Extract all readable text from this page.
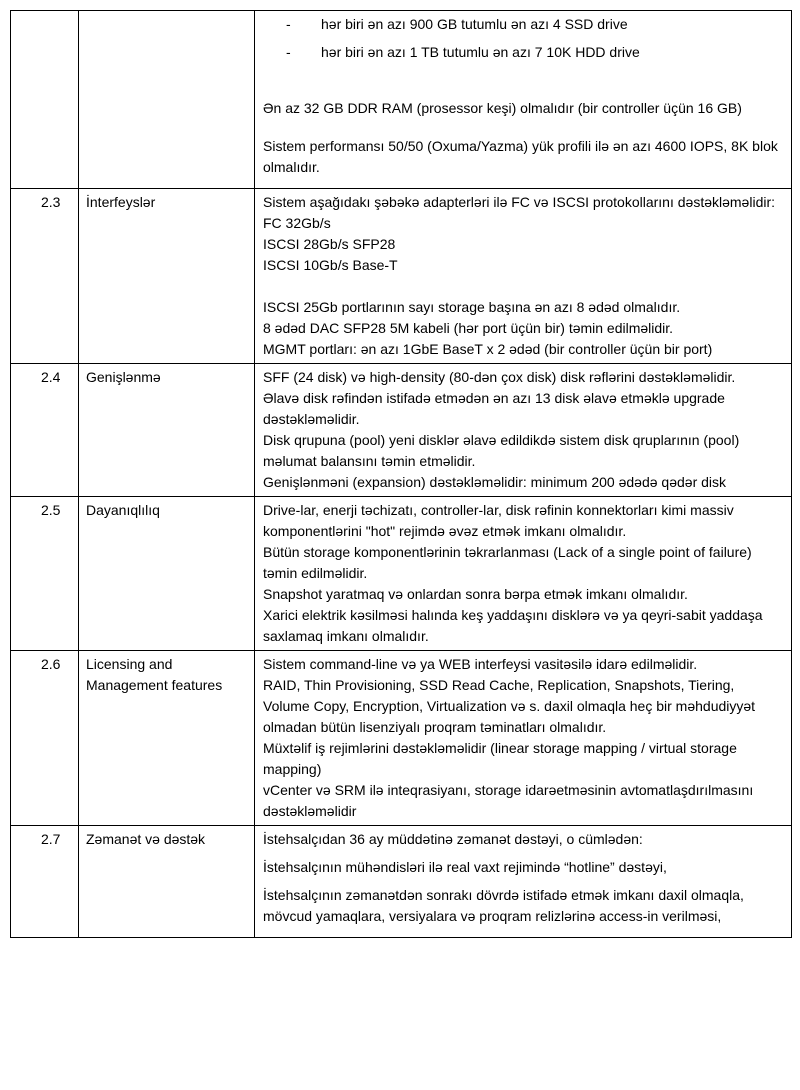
-	hər biri ən azı 900 GB tutumlu ən azı 4 SSD drive
-	hər biri ən azı 1 TB tutumlu ən azı 7 10K HDD drive
Ən az 32 GB DDR RAM (prosessor keşi) olmalıdır (bir controller üçün 16 GB)
Sistem performansı 50/50 (Oxuma/Yazma) yük profili ilə ən azı 4600 IOPS, 8K blok olmalıdır.

2.3	İnterfeyslər	Sistem aşağıdakı şəbəkə adapterləri ilə FC və ISCSI protokollarını dəstəkləməlidir:
FC 32Gb/s
ISCSI 28Gb/s SFP28
ISCSI 10Gb/s Base-T
ISCSI 25Gb portlarının sayı storage başına ən azı 8 ədəd olmalıdır.
8 ədəd DAC SFP28 5M kabeli (hər port üçün bir) təmin edilməlidir.
MGMT portları: ən azı 1GbE BaseT x 2 ədəd (bir controller üçün bir port)

2.4	Genişlənmə	SFF (24 disk) və high-density (80-dən çox disk) disk rəflərini dəstəkləməlidir.
Əlavə disk rəfindən istifadə etmədən ən azı 13 disk əlavə etməklə upgrade dəstəkləməlidir.
Disk qrupuna (pool) yeni disklər əlavə edildikdə sistem disk qruplarının (pool) məlumat balansını təmin etməlidir.
Genişlənməni (expansion) dəstəkləməlidir: minimum 200 ədədə qədər disk

2.5	Dayanıqlılıq	Drive-lar, enerji təchizatı, controller-lar, disk rəfinin konnektorları kimi massiv komponentlərini "hot" rejimdə əvəz etmək imkanı olmalıdır.
Bütün storage komponentlərinin təkrarlanması (Lack of a single point of failure) təmin edilməlidir.
Snapshot yaratmaq və onlardan sonra bərpa etmək imkanı olmalıdır.
Xarici elektrik kəsilməsi halında keş yaddaşını disklərə və ya qeyri-sabit yaddaşa saxlamaq imkanı olmalıdır.

2.6	Licensing and Management features	Sistem command-line və ya WEB interfeysi vasitəsilə idarə edilməlidir.
RAID, Thin Provisioning, SSD Read Cache, Replication, Snapshots, Tiering, Volume Copy, Encryption, Virtualization və s. daxil olmaqla heç bir məhdudiyyət olmadan bütün lisenziyalı proqram təminatları olmalıdır.
Müxtəlif iş rejimlərini dəstəkləməlidir (linear storage mapping / virtual storage mapping)
vCenter və SRM ilə inteqrasiyanı, storage idarəetməsinin avtomatlaşdırılmasını dəstəkləməlidir

2.7	Zəmanət və dəstək	İstehsalçıdan 36 ay müddətinə zəmanət dəstəyi, o cümlədən:
İstehsalçının mühəndisləri ilə real vaxt rejimində “hotline” dəstəyi,
İstehsalçının zəmanətdən sonrakı dövrdə istifadə etmək imkanı daxil olmaqla, mövcud yamaqlara, versiyalara və proqram relizlərinə access-in verilməsi,
